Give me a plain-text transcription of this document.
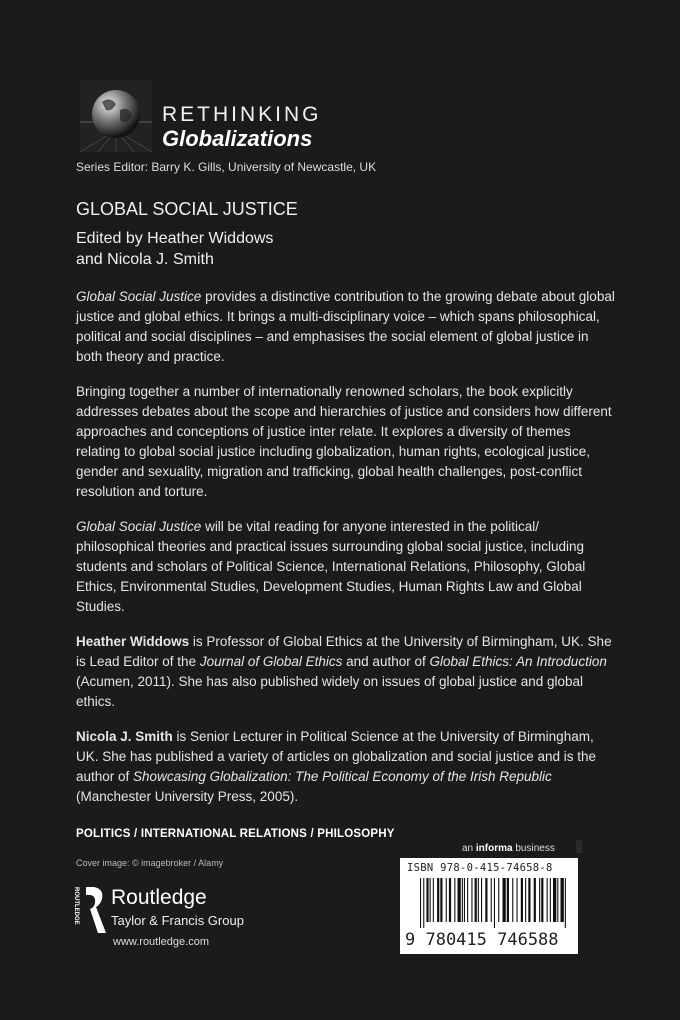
RETHINKING
Globalizations
Series Editor: Barry K. Gills, University of Newcastle, UK
GLOBAL SOCIAL JUSTICE
Edited by Heather Widdows
and Nicola J. Smith

Global Social Justice provides a distinctive contribution to the growing debate about global justice and global ethics. It brings a multi-disciplinary voice – which spans philosophical, political and social disciplines – and emphasises the social element of global justice in both theory and practice.

Bringing together a number of internationally renowned scholars, the book explicitly addresses debates about the scope and hierarchies of justice and considers how different approaches and conceptions of justice inter relate. It explores a diversity of themes relating to global social justice including globalization, human rights, ecological justice, gender and sexuality, migration and trafficking, global health challenges, post-conflict resolution and torture.

Global Social Justice will be vital reading for anyone interested in the political/ philosophical theories and practical issues surrounding global social justice, including students and scholars of Political Science, International Relations, Philosophy, Global Ethics, Environmental Studies, Development Studies, Human Rights Law and Global Studies.

Heather Widdows is Professor of Global Ethics at the University of Birmingham, UK. She is Lead Editor of the Journal of Global Ethics and author of Global Ethics: An Introduction (Acumen, 2011). She has also published widely on issues of global justice and global ethics.

Nicola J. Smith is Senior Lecturer in Political Science at the University of Birmingham, UK. She has published a variety of articles on globalization and social justice and is the author of Showcasing Globalization: The Political Economy of the Irish Republic (Manchester University Press, 2005).

POLITICS / INTERNATIONAL RELATIONS / PHILOSOPHY
an informa business
Cover image: © imagebroker / Alamy
ROUTLEDGE Routledge
Taylor & Francis Group
www.routledge.com
ISBN 978-0-415-74658-8
9 780415 746588
